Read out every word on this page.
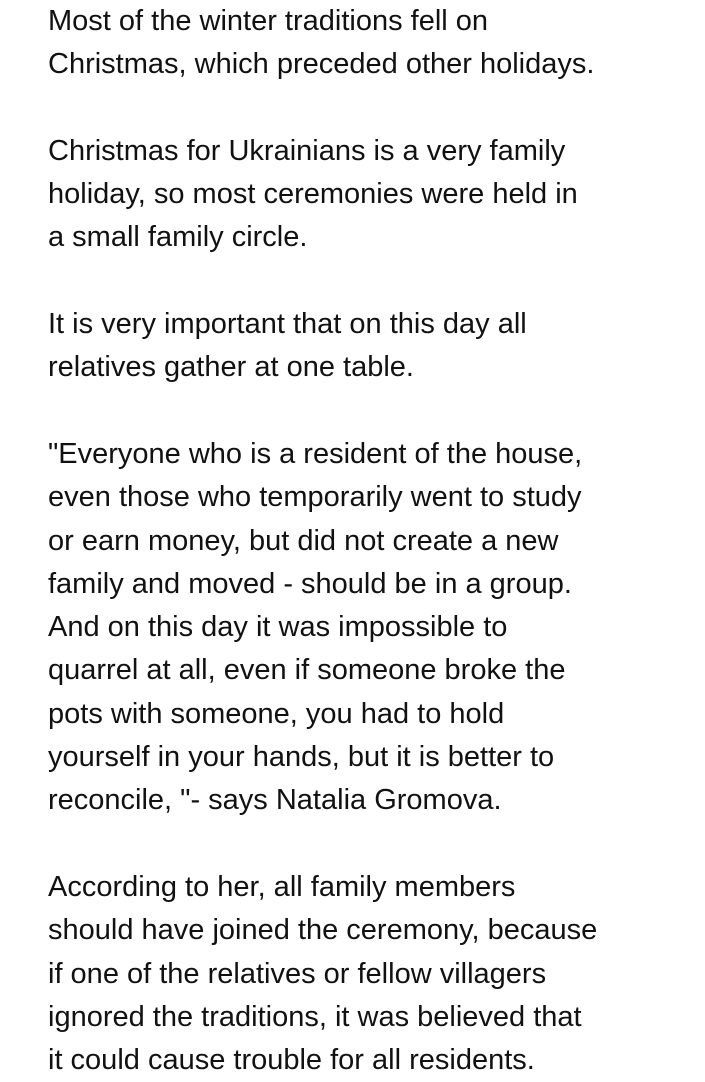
Most of the winter traditions fell on
Christmas, which preceded other holidays.
Christmas for Ukrainians is a very family
holiday, so most ceremonies were held in
a small family circle.
It is very important that on this day all
relatives gather at one table.
"Everyone who is a resident of the house,
even those who temporarily went to study
or earn money, but did not create a new
family and moved - should be in a group.
And on this day it was impossible to
quarrel at all, even if someone broke the
pots with someone, you had to hold
yourself in your hands, but it is better to
reconcile, "- says Natalia Gromova.
According to her, all family members
should have joined the ceremony, because
if one of the relatives or fellow villagers
ignored the traditions, it was believed that
it could cause trouble for all residents.
